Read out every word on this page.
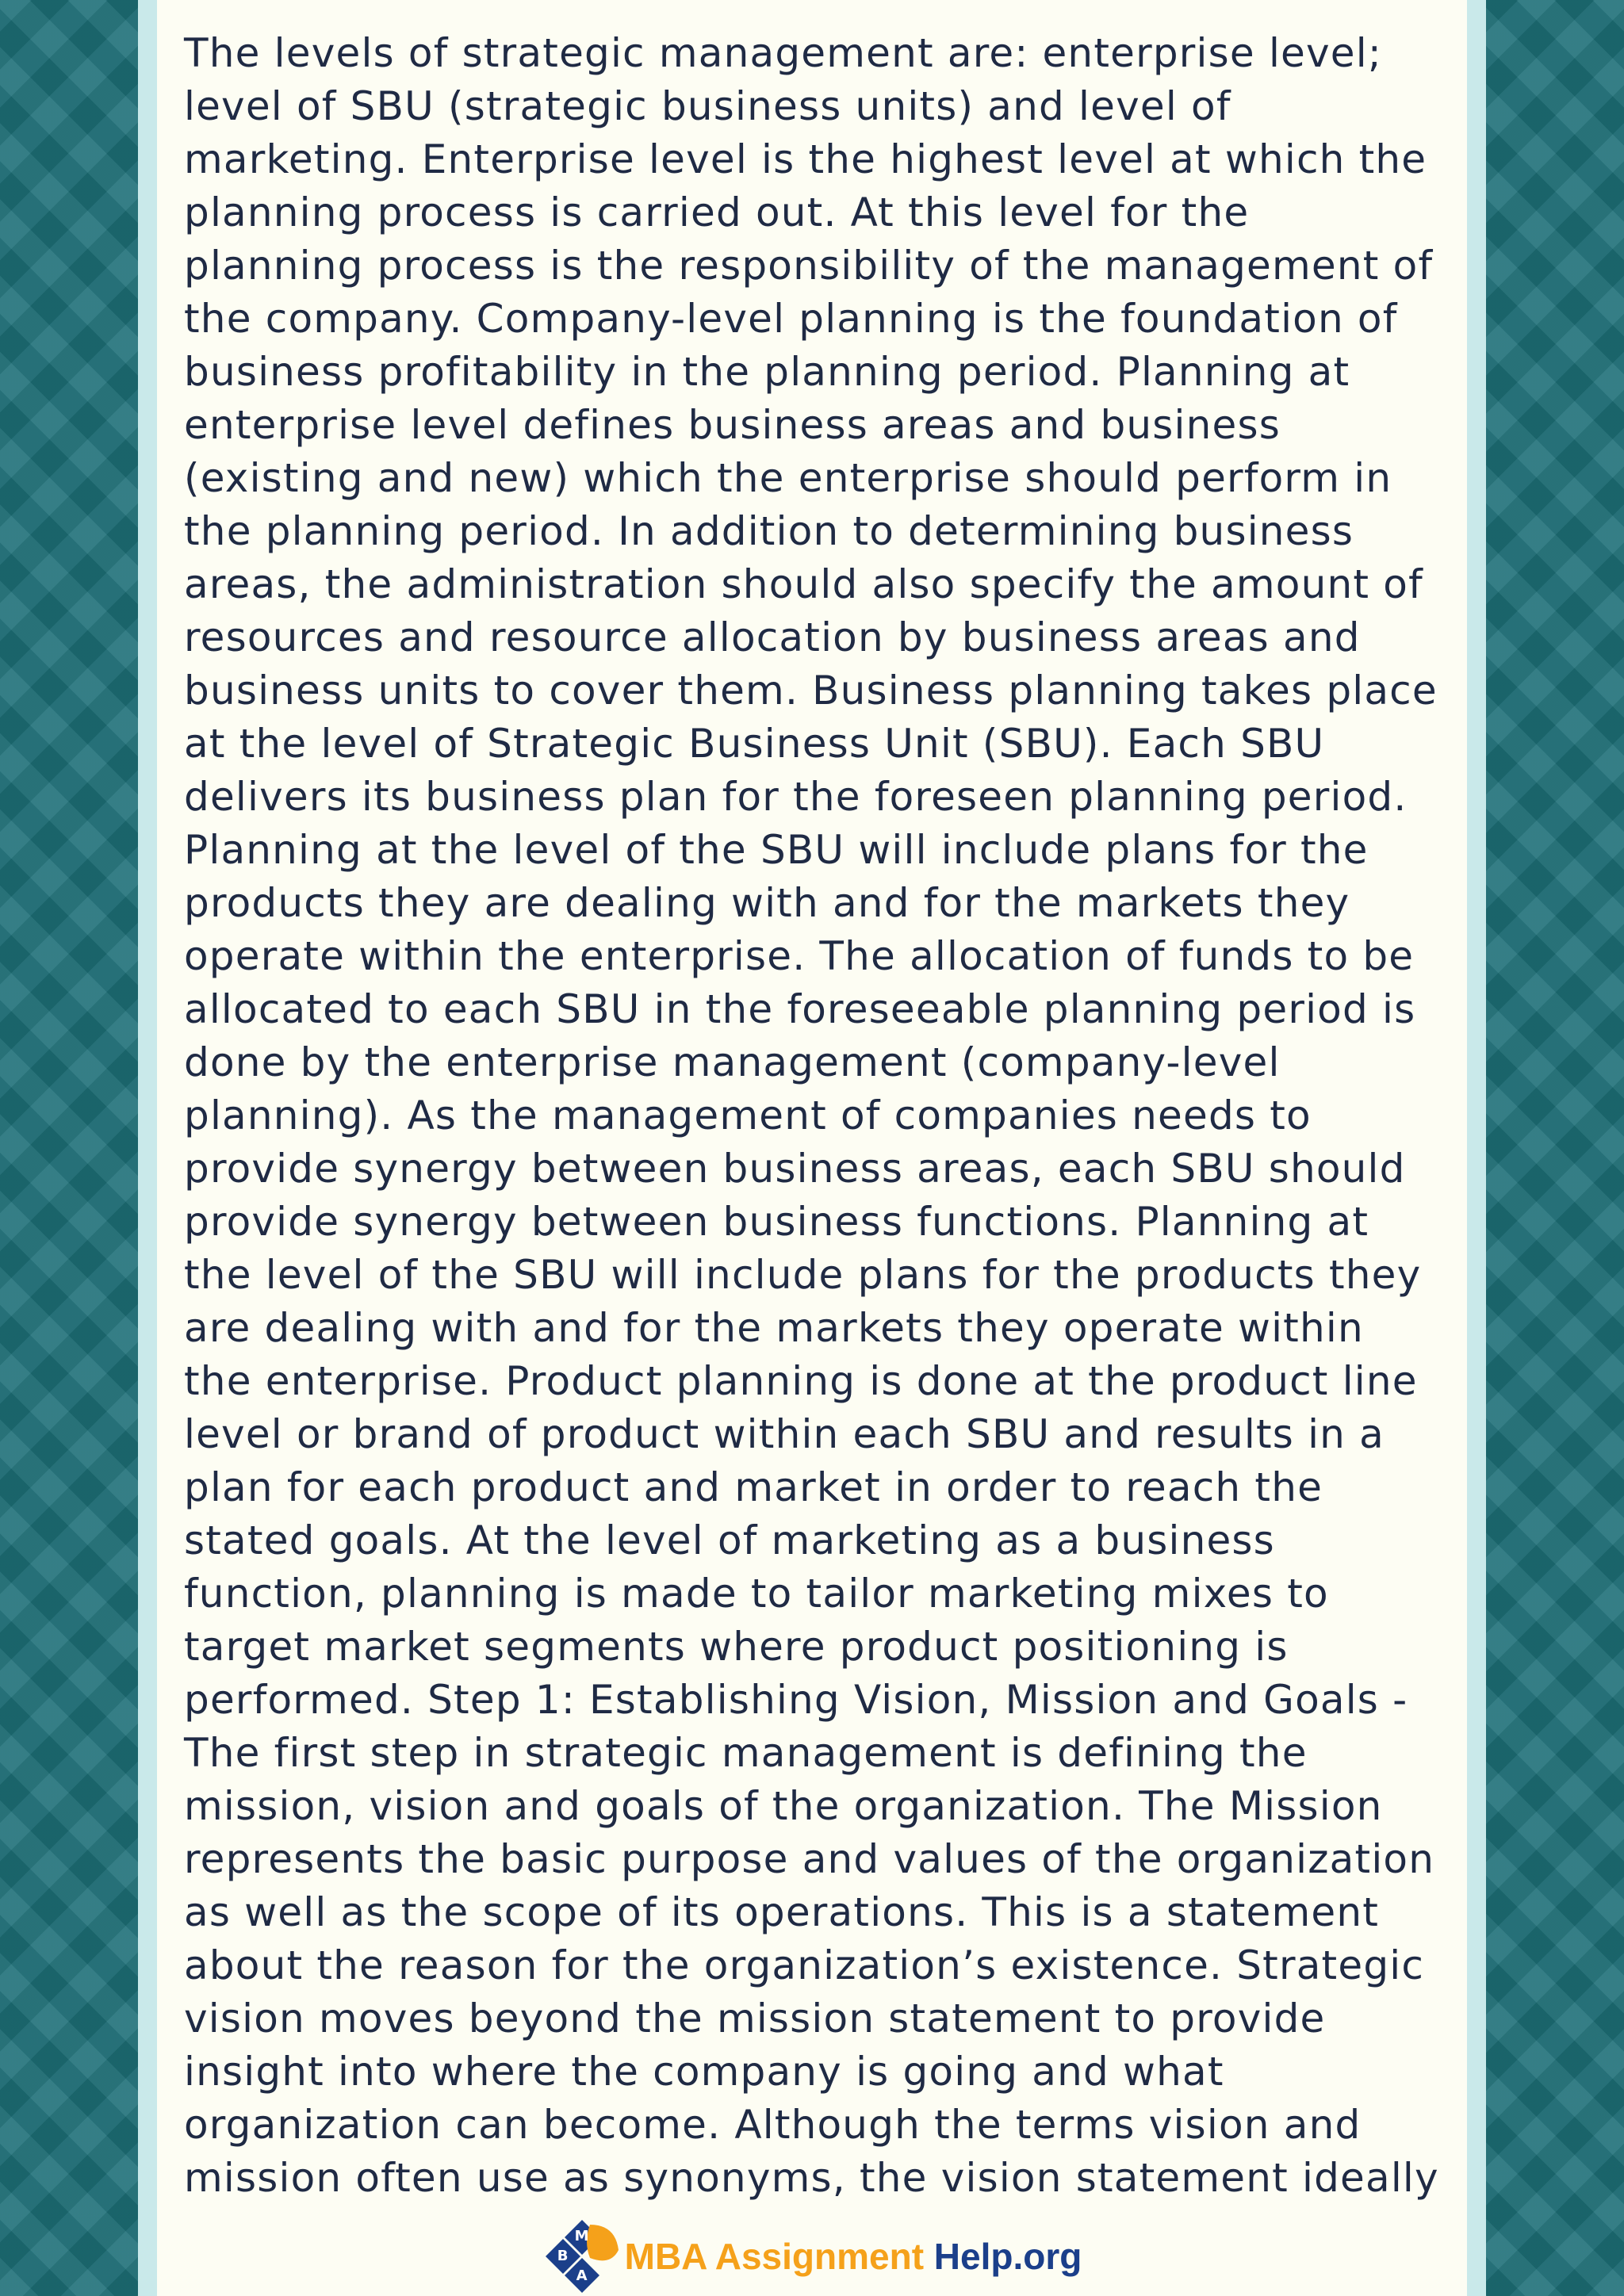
The levels of strategic management are: enterprise level;
level of SBU (strategic business units) and level of
marketing. Enterprise level is the highest level at which the
planning process is carried out. At this level for the
planning process is the responsibility of the management of
the company. Company-level planning is the foundation of
business profitability in the planning period. Planning at
enterprise level defines business areas and business
(existing and new) which the enterprise should perform in
the planning period. In addition to determining business
areas, the administration should also specify the amount of
resources and resource allocation by business areas and
business units to cover them. Business planning takes place
at the level of Strategic Business Unit (SBU). Each SBU
delivers its business plan for the foreseen planning period.
Planning at the level of the SBU will include plans for the
products they are dealing with and for the markets they
operate within the enterprise. The allocation of funds to be
allocated to each SBU in the foreseeable planning period is
done by the enterprise management (company-level
planning). As the management of companies needs to
provide synergy between business areas, each SBU should
provide synergy between business functions. Planning at
the level of the SBU will include plans for the products they
are dealing with and for the markets they operate within
the enterprise. Product planning is done at the product line
level or brand of product within each SBU and results in a
plan for each product and market in order to reach the
stated goals. At the level of marketing as a business
function, planning is made to tailor marketing mixes to
target market segments where product positioning is
performed. Step 1: Establishing Vision, Mission and Goals -
The first step in strategic management is defining the
mission, vision and goals of the organization. The Mission
represents the basic purpose and values of the organization
as well as the scope of its operations. This is a statement
about the reason for the organization’s existence. Strategic
vision moves beyond the mission statement to provide
insight into where the company is going and what
organization can become. Although the terms vision and
mission often use as synonyms, the vision statement ideally
M
B
A MBA Assignment Help.org
